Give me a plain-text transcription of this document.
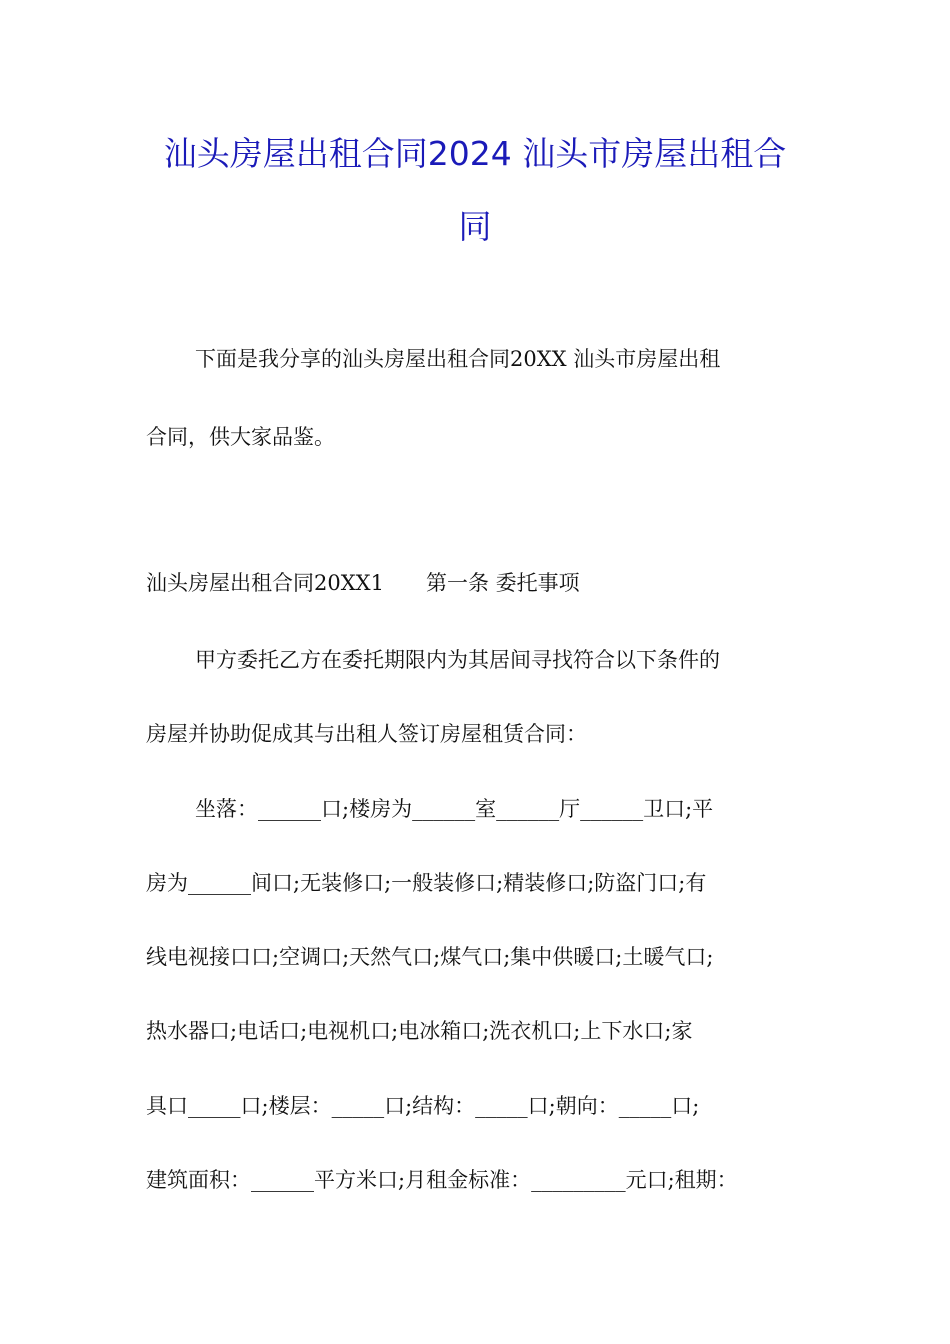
汕头房屋出租合同2024 汕头市房屋出租合
同

下面是我分享的汕头房屋出租合同20XX 汕头市房屋出租

合同，供大家品鉴。

汕头房屋出租合同20XX1　　第一条 委托事项

甲方委托乙方在委托期限内为其居间寻找符合以下条件的

房屋并协助促成其与出租人签订房屋租赁合同：

坐落：______口;楼房为______室______厅______卫口;平

房为______间口;无装修口;一般装修口;精装修口;防盗门口;有

线电视接口口;空调口;天然气口;煤气口;集中供暖口;土暖气口;

热水器口;电话口;电视机口;电冰箱口;洗衣机口;上下水口;家

具口_____口;楼层：_____口;结构：_____口;朝向：_____口;

建筑面积：______平方米口;月租金标准：_________元口;租期：
